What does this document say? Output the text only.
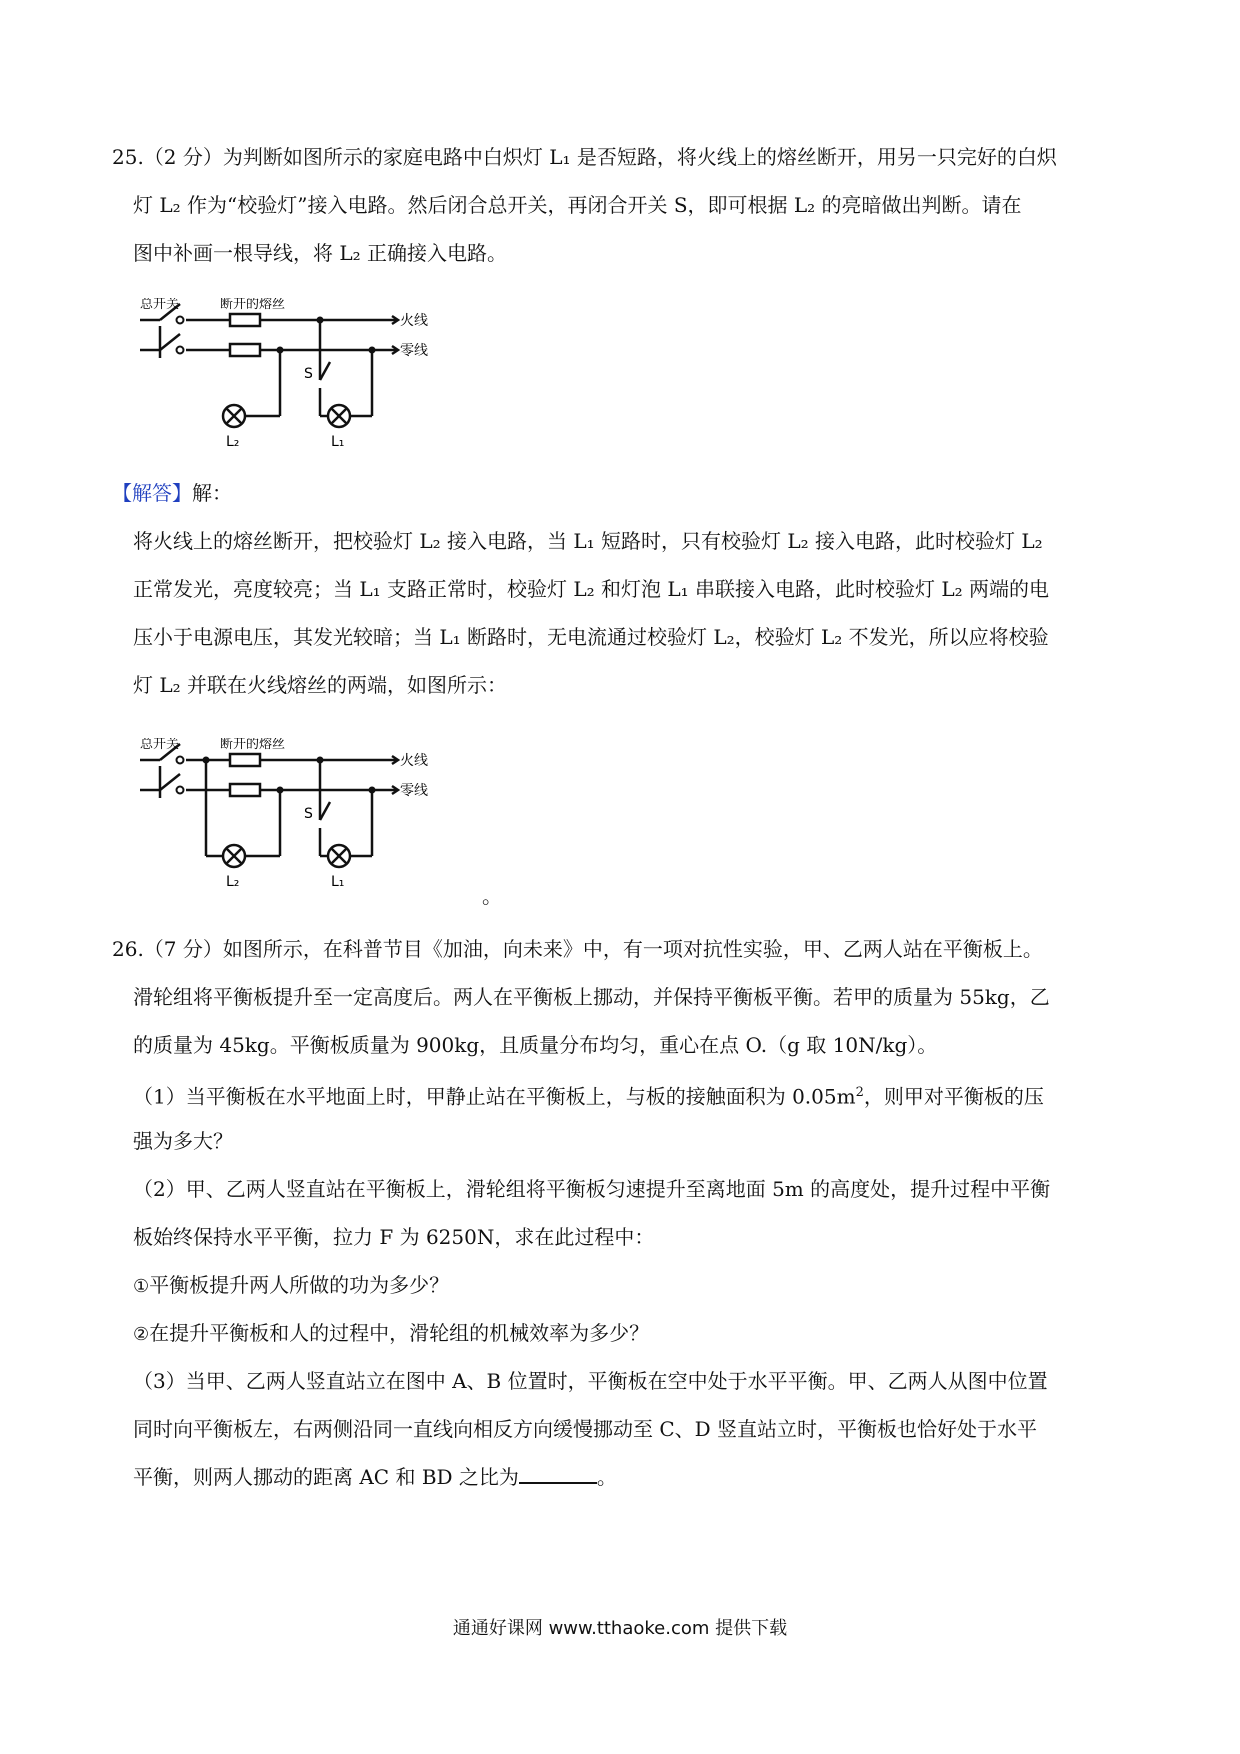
25.（2 分）为判断如图所示的家庭电路中白炽灯 L₁ 是否短路，将火线上的熔丝断开，用另一只完好的白炽

灯 L₂ 作为“校验灯”接入电路。然后闭合总开关，再闭合开关 S，即可根据 L₂ 的亮暗做出判断。请在

图中补画一根导线，将 L₂ 正确接入电路。

总开关	断开的熔丝
火线
零线
S
L₂	L₁

【解答】解：

将火线上的熔丝断开，把校验灯 L₂ 接入电路，当 L₁ 短路时，只有校验灯 L₂ 接入电路，此时校验灯 L₂

正常发光，亮度较亮；当 L₁ 支路正常时，校验灯 L₂ 和灯泡 L₁ 串联接入电路，此时校验灯 L₂ 两端的电

压小于电源电压，其发光较暗；当 L₁ 断路时，无电流通过校验灯 L₂，校验灯 L₂ 不发光，所以应将校验

灯 L₂ 并联在火线熔丝的两端，如图所示：

总开关	断开的熔丝
火线
零线
S
L₂	L₁
。

26.（7 分）如图所示，在科普节目《加油，向未来》中，有一项对抗性实验，甲、乙两人站在平衡板上。

滑轮组将平衡板提升至一定高度后。两人在平衡板上挪动，并保持平衡板平衡。若甲的质量为 55kg，乙

的质量为 45kg。平衡板质量为 900kg，且质量分布均匀，重心在点 O.（g 取 10N/kg）。

（1）当平衡板在水平地面上时，甲静止站在平衡板上，与板的接触面积为 $0.05m^2$，则甲对平衡板的压

强为多大？

（2）甲、乙两人竖直站在平衡板上，滑轮组将平衡板匀速提升至离地面 5m 的高度处，提升过程中平衡

板始终保持水平平衡，拉力 F 为 6250N，求在此过程中：

①平衡板提升两人所做的功为多少？

②在提升平衡板和人的过程中，滑轮组的机械效率为多少？

（3）当甲、乙两人竖直站立在图中 A、B 位置时，平衡板在空中处于水平平衡。甲、乙两人从图中位置

同时向平衡板左，右两侧沿同一直线向相反方向缓慢挪动至 C、D 竖直站立时，平衡板也恰好处于水平

平衡，则两人挪动的距离 AC 和 BD 之比为	。

通通好课网 www.tthaoke.com 提供下载
